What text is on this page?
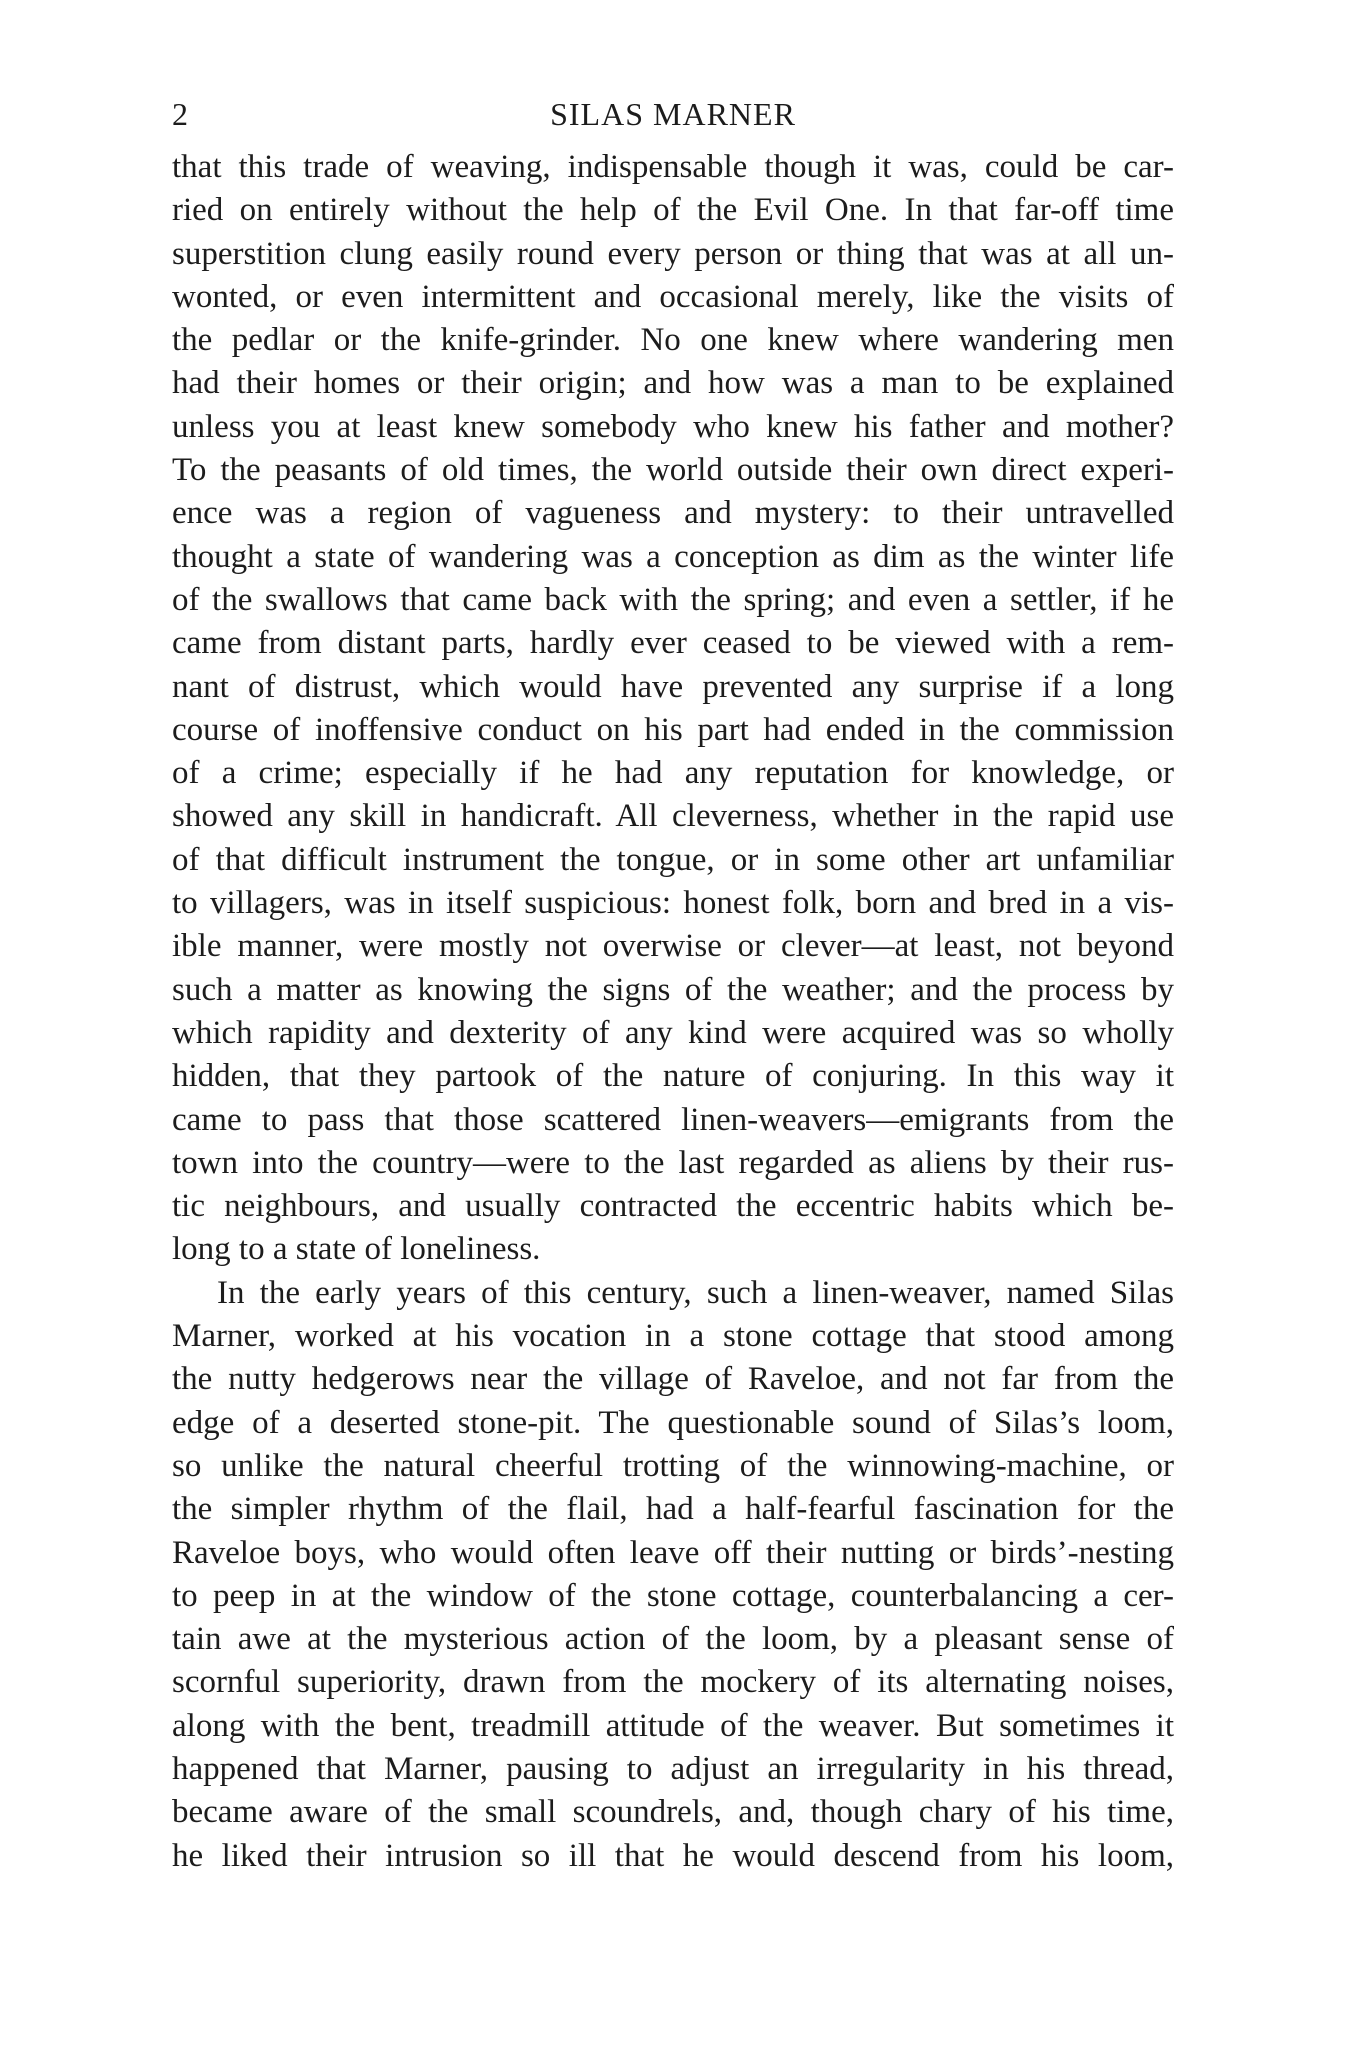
2	SILAS MARNER
that this trade of weaving, indispensable though it was, could be car-
ried on entirely without the help of the Evil One. In that far-off time
superstition clung easily round every person or thing that was at all un-
wonted, or even intermittent and occasional merely, like the visits of
the pedlar or the knife-grinder. No one knew where wandering men
had their homes or their origin; and how was a man to be explained
unless you at least knew somebody who knew his father and mother?
To the peasants of old times, the world outside their own direct experi-
ence was a region of vagueness and mystery: to their untravelled
thought a state of wandering was a conception as dim as the winter life
of the swallows that came back with the spring; and even a settler, if he
came from distant parts, hardly ever ceased to be viewed with a rem-
nant of distrust, which would have prevented any surprise if a long
course of inoffensive conduct on his part had ended in the commission
of a crime; especially if he had any reputation for knowledge, or
showed any skill in handicraft. All cleverness, whether in the rapid use
of that difficult instrument the tongue, or in some other art unfamiliar
to villagers, was in itself suspicious: honest folk, born and bred in a vis-
ible manner, were mostly not overwise or clever—at least, not beyond
such a matter as knowing the signs of the weather; and the process by
which rapidity and dexterity of any kind were acquired was so wholly
hidden, that they partook of the nature of conjuring. In this way it
came to pass that those scattered linen-weavers—emigrants from the
town into the country—were to the last regarded as aliens by their rus-
tic neighbours, and usually contracted the eccentric habits which be-
long to a state of loneliness.
In the early years of this century, such a linen-weaver, named Silas
Marner, worked at his vocation in a stone cottage that stood among
the nutty hedgerows near the village of Raveloe, and not far from the
edge of a deserted stone-pit. The questionable sound of Silas’s loom,
so unlike the natural cheerful trotting of the winnowing-machine, or
the simpler rhythm of the flail, had a half-fearful fascination for the
Raveloe boys, who would often leave off their nutting or birds’-nesting
to peep in at the window of the stone cottage, counterbalancing a cer-
tain awe at the mysterious action of the loom, by a pleasant sense of
scornful superiority, drawn from the mockery of its alternating noises,
along with the bent, treadmill attitude of the weaver. But sometimes it
happened that Marner, pausing to adjust an irregularity in his thread,
became aware of the small scoundrels, and, though chary of his time,
he liked their intrusion so ill that he would descend from his loom,
